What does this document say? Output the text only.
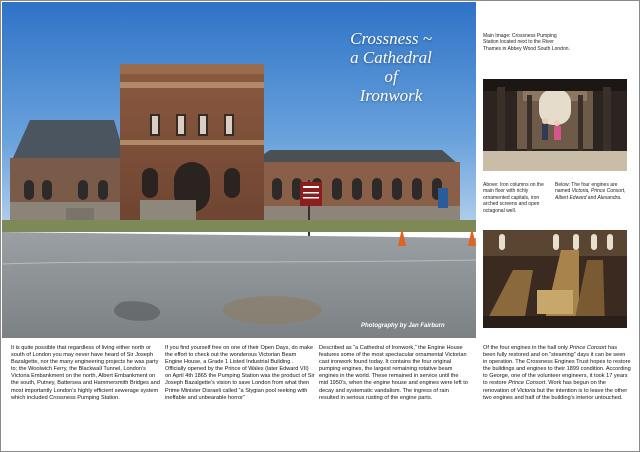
Crossness ~
a Cathedral
of
Ironwork
Photography by Jan Fairburn
Main Image: Crossness Pumping Station located next to the River Thames in Abbey Wood South London.
Above: Iron columns on the main floor with richly ornamented capitals, iron arched screens and open octagonal well.
Below: The four engines are named Victoria, Prince Consort, Albert Edward and Alexandra.
It is quite possible that regardless of living either north or south of London you may never have heard of Sir Joseph Bazalgette, nor the many engineering projects he was party to; the Woolwich Ferry, the Blackwall Tunnel, London’s Victoria Embankment on the north, Albert Embankment on the south, Putney, Battersea and Hammersmith Bridges and most importantly London’s highly efficient sewerage system which included Crossness Pumping Station.
If you find yourself free on one of their Open Days, do make the effort to check out the wonderous Victorian Beam Engine House, a Grade 1 Listed Industrial Building . Officially opened by the Prince of Wales (later Edward VII) on April 4th 1865 the Pumping Station was the product of Sir Joseph Bazalgette’s vision to save London from what then Prime Minister Disraeli called “a Stygian pool reeking with ineffable and unbearable horror”
Described as “a Cathedral of Ironwork,” the Engine House features some of the most spectacular ornamental Victorian cast ironwork found today. It contains the four original pumping engines, the largest remaining rotative beam engines in the world. These remained in service until the mid 1950’s, when the engine house and engines were left to decay and systematic vandalism. The ingress of rain resulted in serious rusting of the engine parts.
Of the four engines in the hall only Prince Consort has been fully restored and on “steaming” days it can be seen in operation. The Crossness Engines Trust hopes to restore the buildings and engines to their 1899 condition. According to George, one of the volunteer engineers, it took 17 years to restore Prince Consort. Work has begun on the renovation of Victoria but the intention is to leave the other two engines and half of the building’s interior untouched.
